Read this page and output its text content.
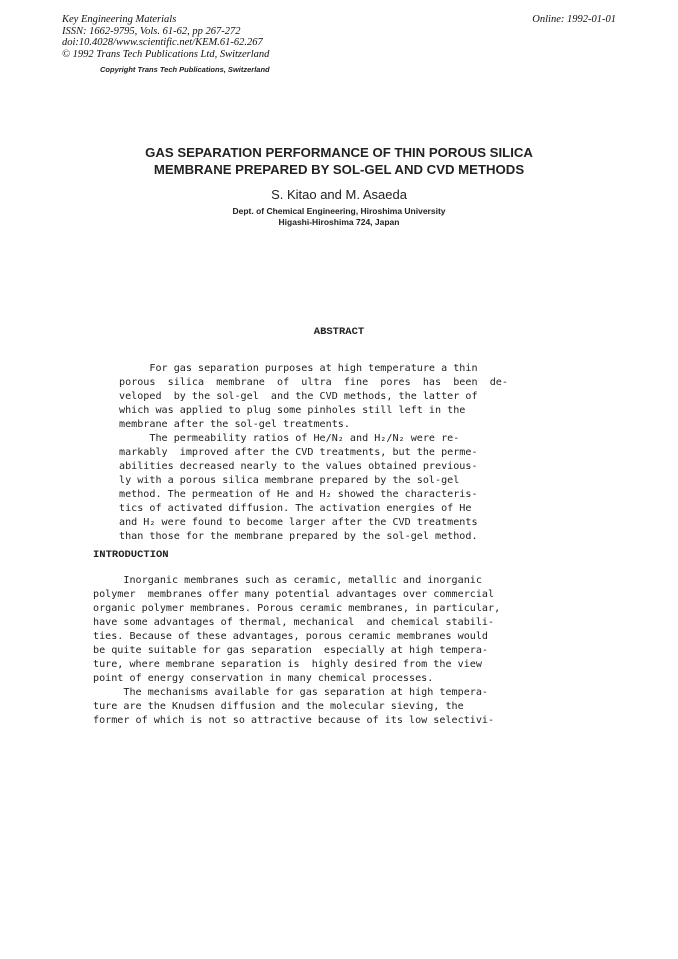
Key Engineering Materials
ISSN: 1662-9795, Vols. 61-62, pp 267-272
doi:10.4028/www.scientific.net/KEM.61-62.267
© 1992 Trans Tech Publications Ltd, Switzerland
Online: 1992-01-01
Copyright Trans Tech Publications, Switzerland
GAS SEPARATION PERFORMANCE OF THIN POROUS SILICA
MEMBRANE PREPARED BY SOL-GEL AND CVD METHODS
S. Kitao and M. Asaeda
Dept. of Chemical Engineering, Hiroshima University
Higashi-Hiroshima 724, Japan
ABSTRACT
For gas separation purposes at high temperature a thin
porous  silica  membrane  of  ultra  fine  pores  has  been  de-
veloped  by the sol-gel  and the CVD methods, the latter of
which was applied to plug some pinholes still left in the
membrane after the sol-gel treatments.
The permeability ratios of He/N₂ and H₂/N₂ were re-
markably  improved after the CVD treatments, but the perme-
abilities decreased nearly to the values obtained previous-
ly with a porous silica membrane prepared by the sol-gel
method. The permeation of He and H₂ showed the characteris-
tics of activated diffusion. The activation energies of He
and H₂ were found to become larger after the CVD treatments
than those for the membrane prepared by the sol-gel method.
INTRODUCTION
Inorganic membranes such as ceramic, metallic and inorganic
polymer  membranes offer many potential advantages over commercial
organic polymer membranes. Porous ceramic membranes, in particular,
have some advantages of thermal, mechanical  and chemical stabili-
ties. Because of these advantages, porous ceramic membranes would
be quite suitable for gas separation  especially at high tempera-
ture, where membrane separation is  highly desired from the view
point of energy conservation in many chemical processes.
The mechanisms available for gas separation at high tempera-
ture are the Knudsen diffusion and the molecular sieving, the
former of which is not so attractive because of its low selectivi-
